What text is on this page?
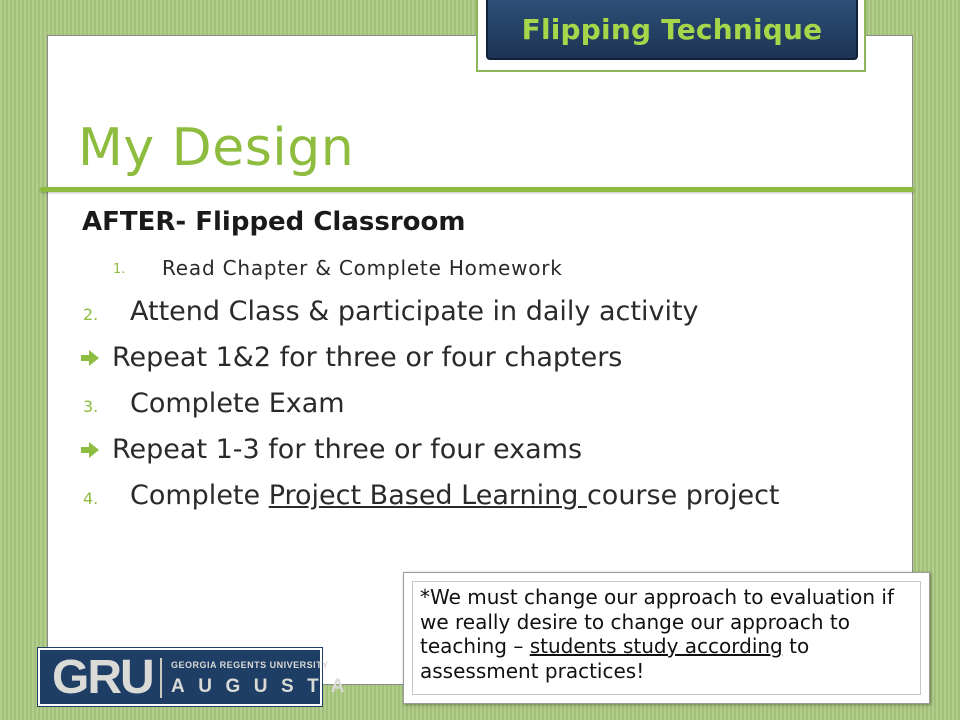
Flipping Technique
My Design
AFTER- Flipped Classroom
1. Read Chapter & Complete Homework
2. Attend Class & participate in daily activity
Repeat 1&2 for three or four chapters
3. Complete Exam
Repeat 1-3 for three or four exams
4. Complete Project Based Learning course project
GRU GEORGIA REGENTS UNIVERSITY
AUGUSTA

*We must change our approach to evaluation if we really desire to change our approach to teaching – students study according to assessment practices!
